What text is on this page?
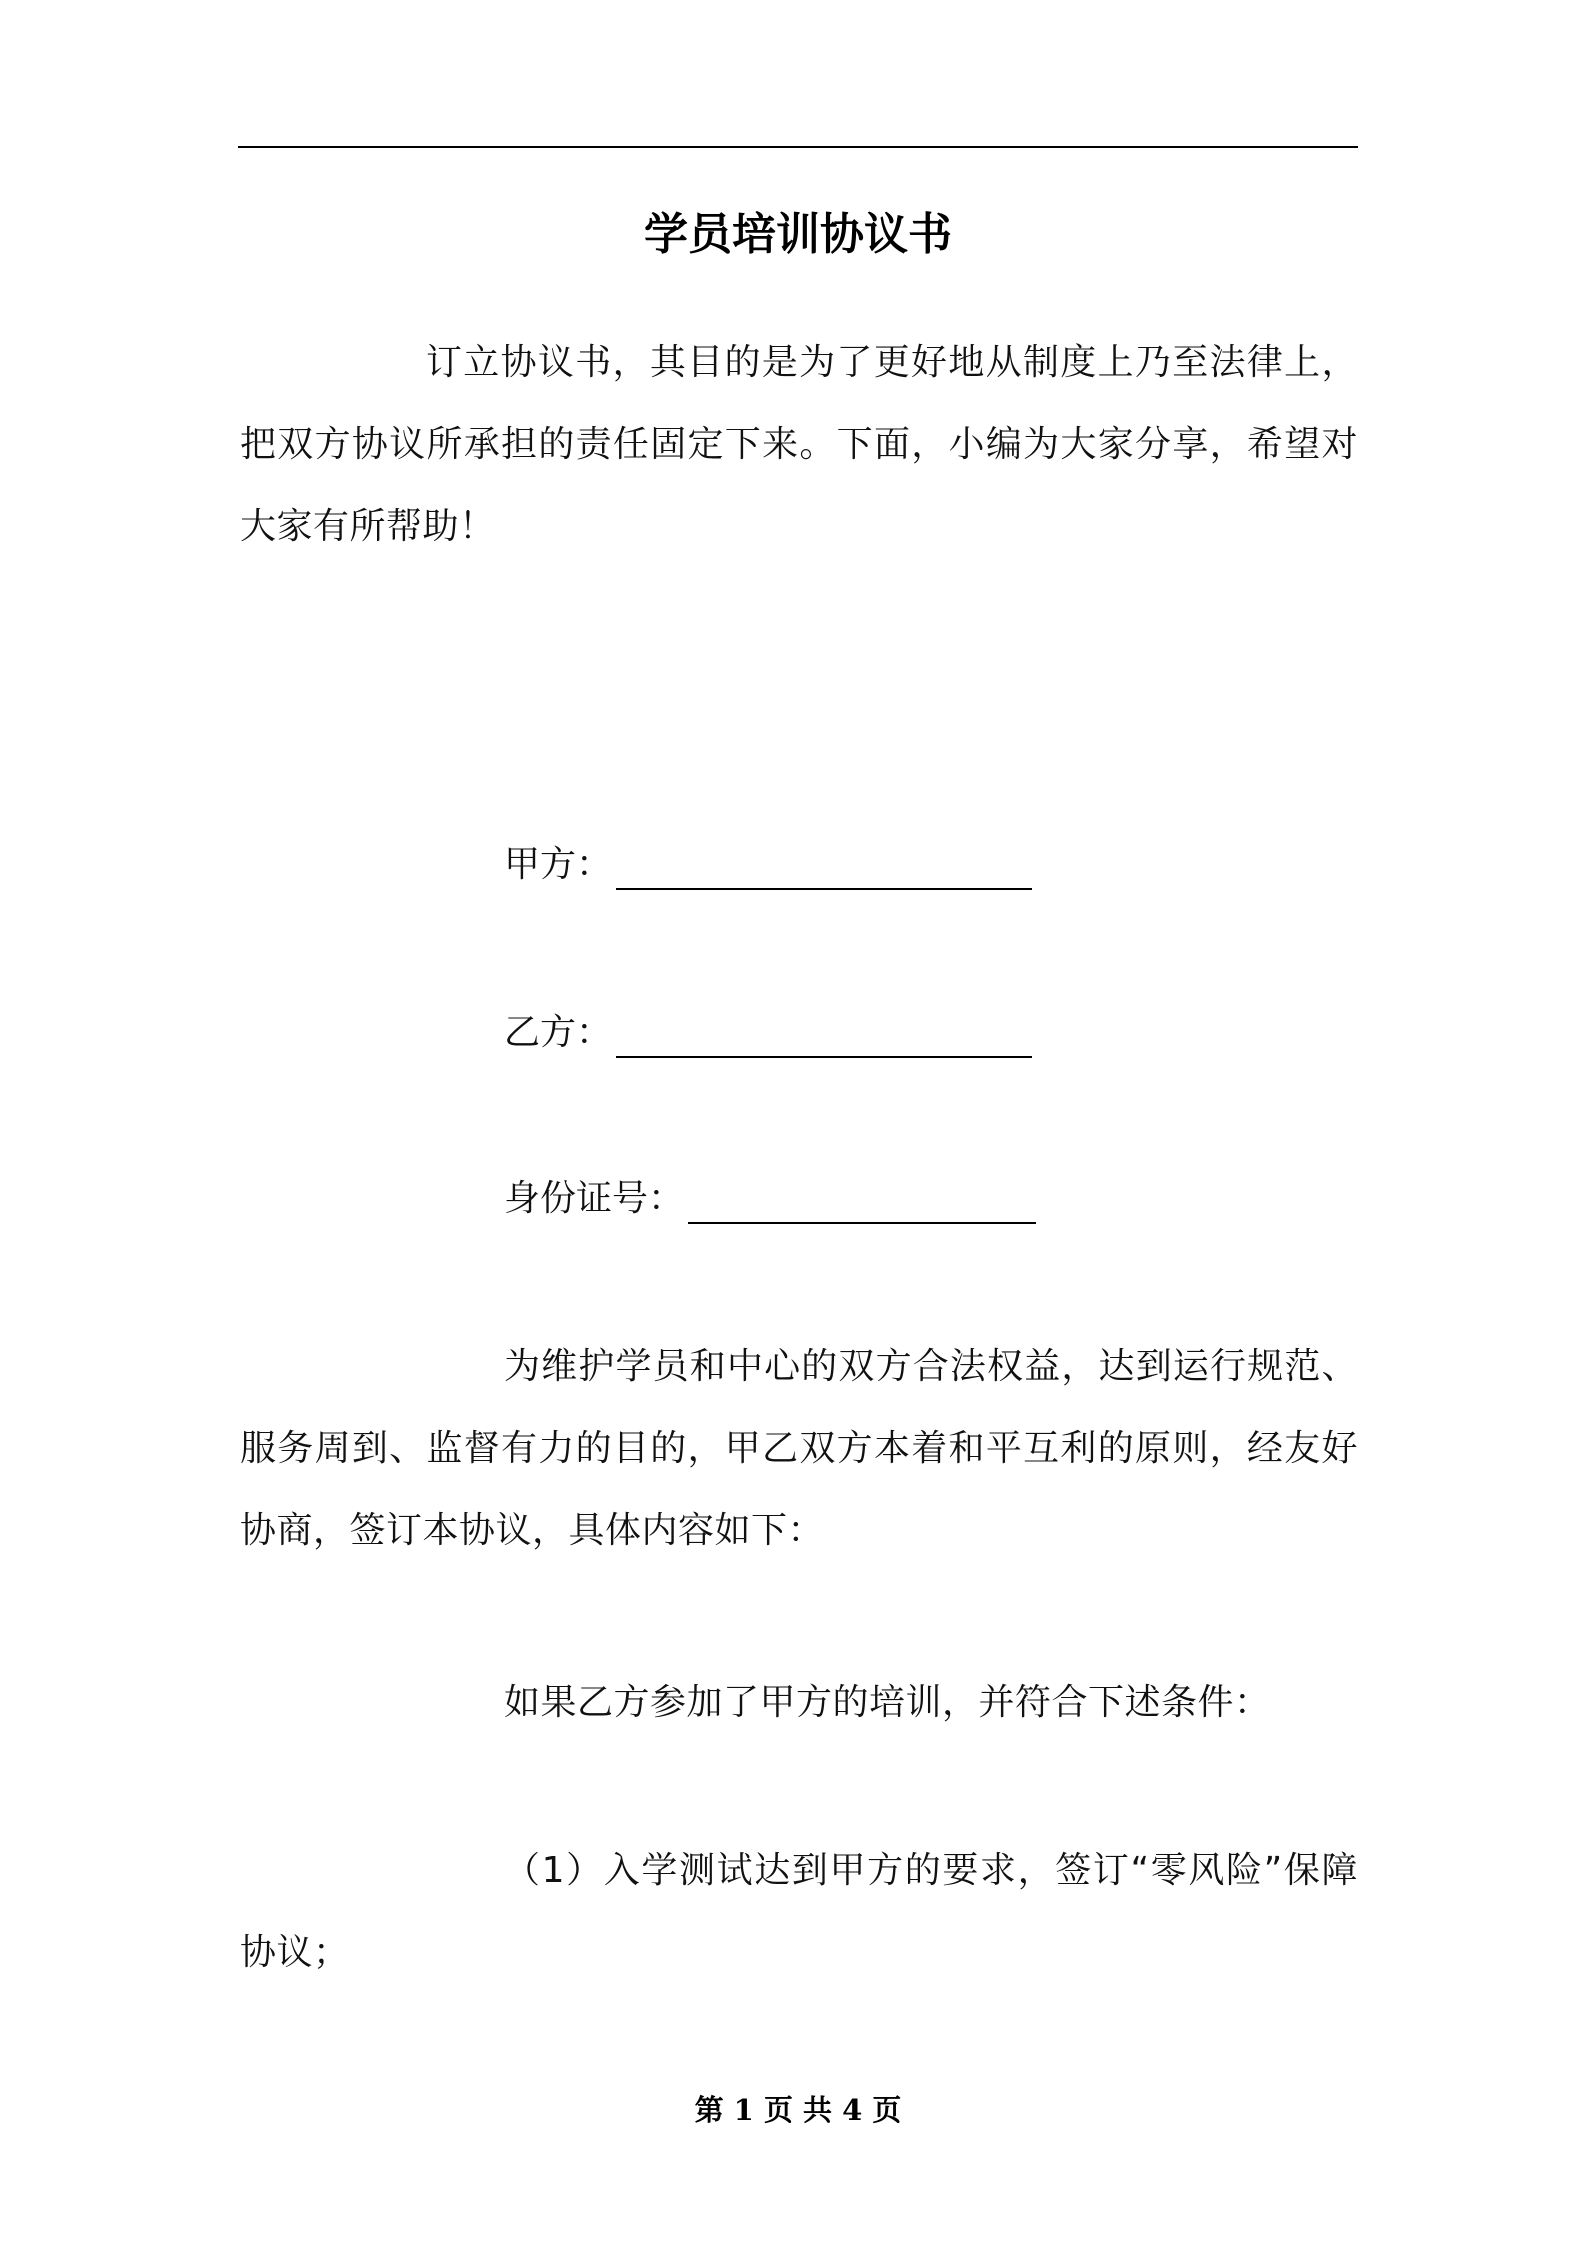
学员培训协议书
订立协议书，其目的是为了更好地从制度上乃至法律上，把双方协议所承担的责任固定下来。下面，小编为大家分享，希望对大家有所帮助！
甲方：
乙方：
身份证号：
为维护学员和中心的双方合法权益，达到运行规范、服务周到、监督有力的目的，甲乙双方本着和平互利的原则，经友好协商，签订本协议，具体内容如下：
如果乙方参加了甲方的培训，并符合下述条件：
（1）入学测试达到甲方的要求，签订“零风险”保障协议；
第 1 页 共 4 页
